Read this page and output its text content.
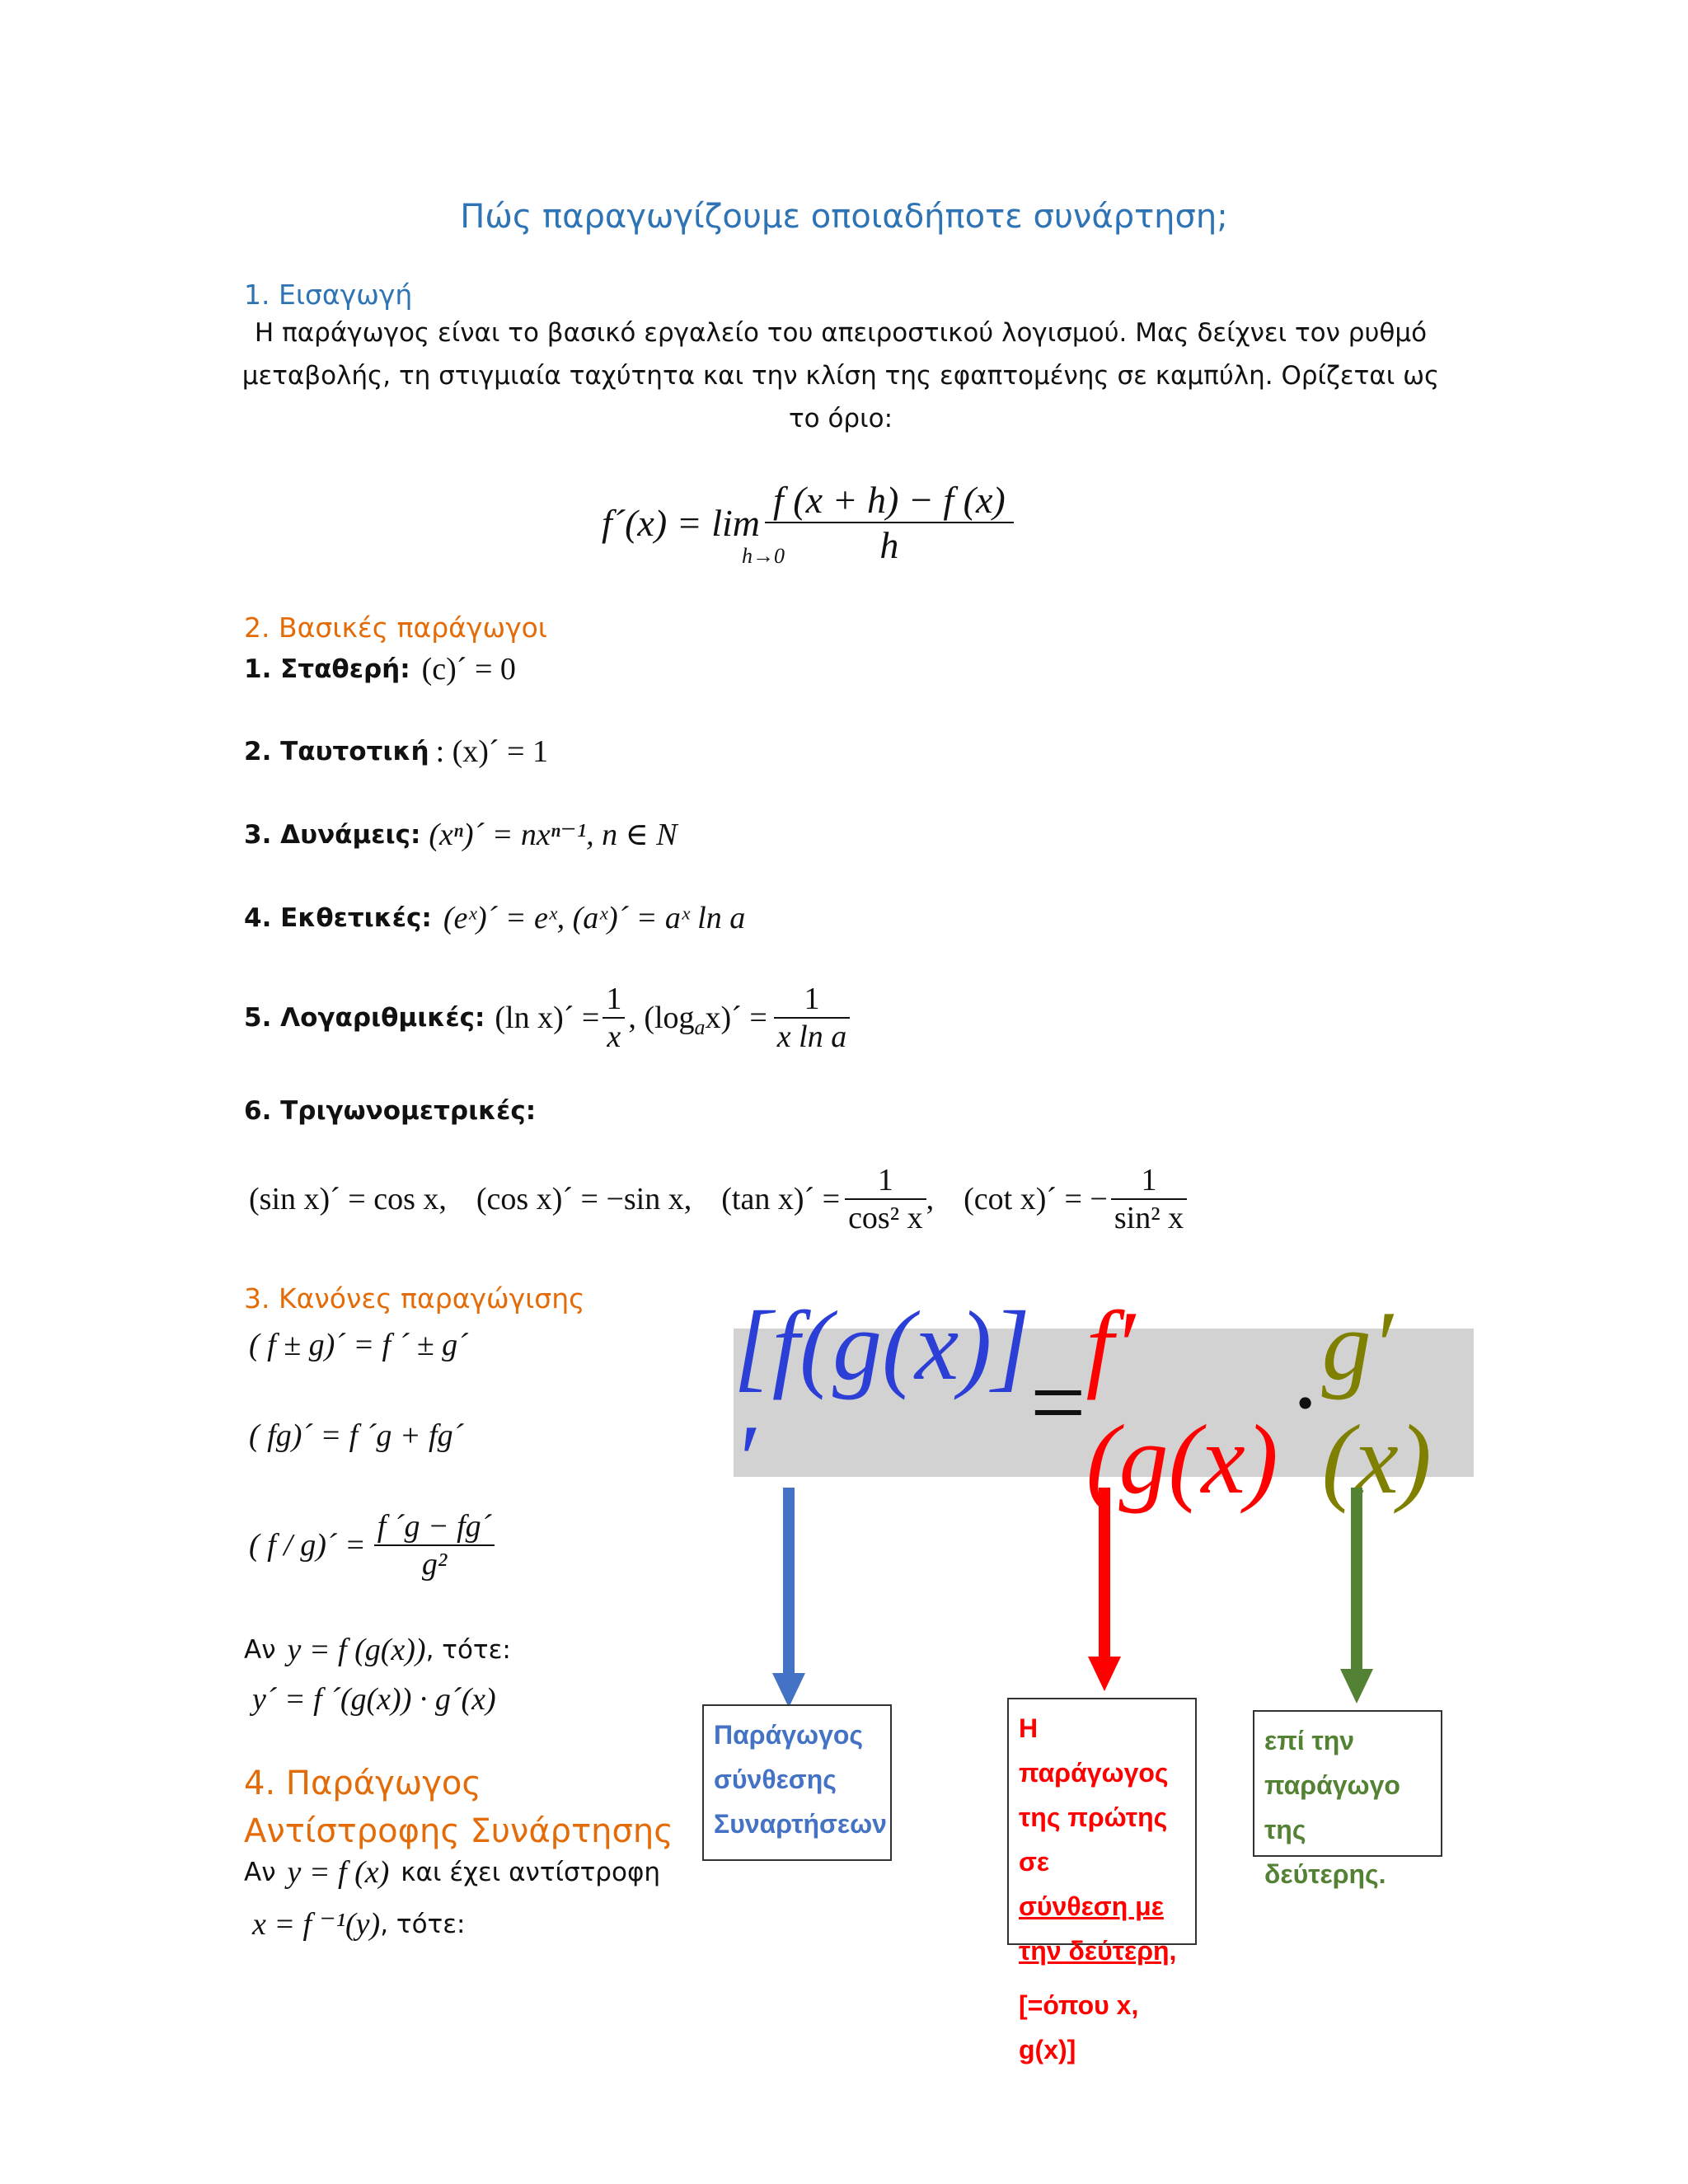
Πώς παραγωγίζουμε οποιαδήποτε συνάρτηση;
1. Εισαγωγή
Η παράγωγος είναι το βασικό εργαλείο του απειροστικού λογισμού. Μας δείχνει τον ρυθμό μεταβολής, τη στιγμιαία ταχύτητα και την κλίση της εφαπτομένης σε καμπύλη. Ορίζεται ως το όριο:
f´(x) = lim
h→0
$\frac{f (x + h) - f (x)}{h}$
2. Βασικές παράγωγοι
1. Σταθερή: (c)´ = 0
2. Ταυτοτική : (x)´ = 1
3. Δυνάμεις: (xⁿ)´ = nxⁿ⁻¹, n ∈ N
4. Εκθετικές: (eˣ)´ = eˣ, (aˣ)´ = aˣ ln a
5. Λογαριθμικές: (ln x)´ = $\frac{1}{x}$ , (log a x)´ = $\frac{1}{\text{x ln a}}$
6. Τριγωνομετρικές:
(sin x)´ = cos x, (cos x)´ = −sin x, (tan x)´ = $\frac{1}{\text{cos² x}}$ , (cot x)´ = − $\frac{1}{\text{sin² x}}$
3. Κανόνες παραγώγισης
( f ± g)´ = f ´ ± g´
( fg)´ = f ´g + fg´
( f / g)´ = $\frac{f ´g - fg´}{\text{g²}}$
Αν y = f (g(x)) , τότε:
y´ = f ´(g(x)) · g´(x)
4. Παράγωγος
Αντίστροφης Συνάρτησης
Αν y = f (x) και έχει αντίστροφη
x = f ⁻¹(y) , τότε:
[f(g(x)]′
=
f′(g(x)
·
g′(x)
Παράγωγος
σύνθεσης
Συναρτήσεων
Η παράγωγος
της πρώτης σε
σύνθεση με
την δεύτερη,
[=όπου x, g(x)]
επί την
παράγωγο της
δεύτερης.
